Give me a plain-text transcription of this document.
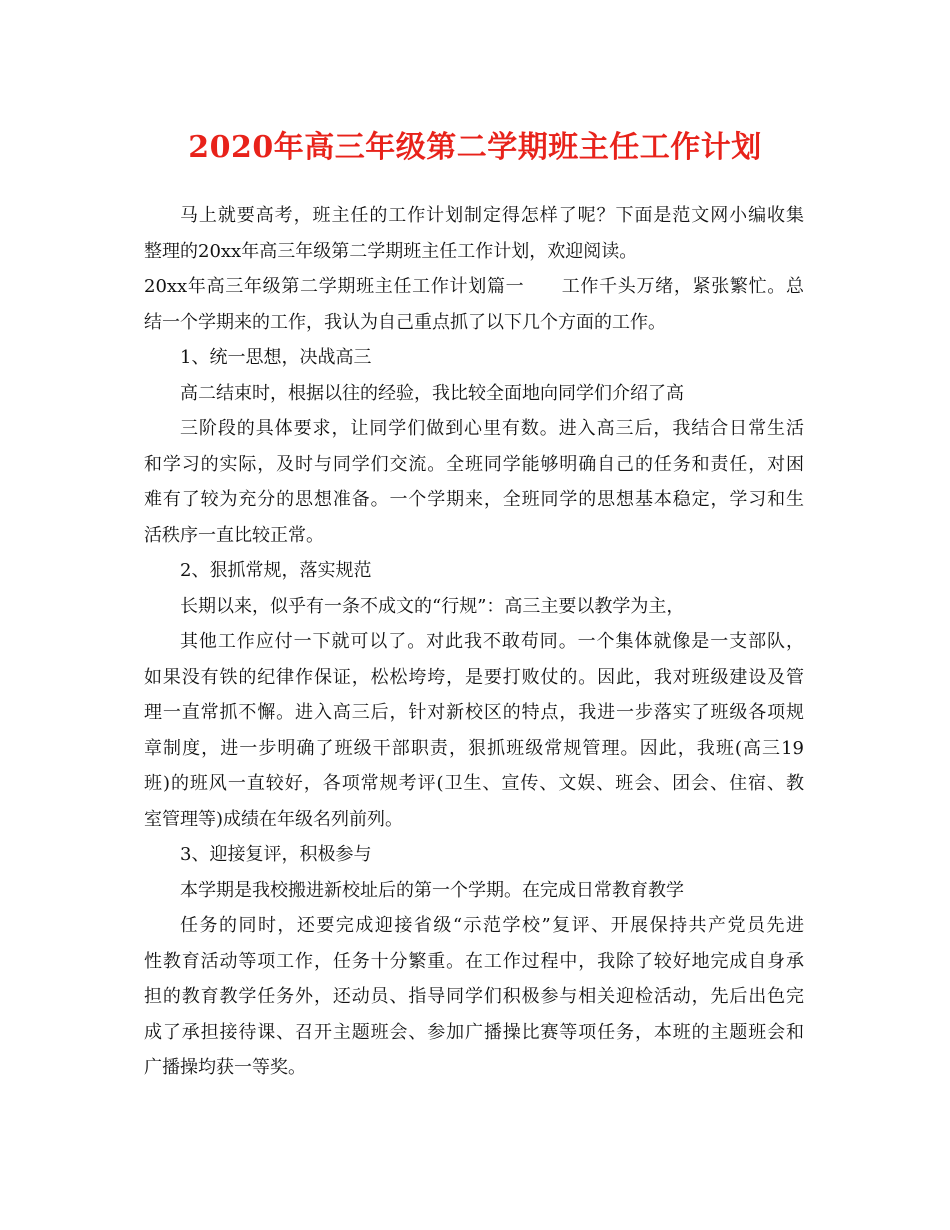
2020年高三年级第二学期班主任工作计划
马上就要高考，班主任的工作计划制定得怎样了呢？下面是范文网小编收集
整理的20xx年高三年级第二学期班主任工作计划，欢迎阅读。
20xx年高三年级第二学期班主任工作计划篇一　　工作千头万绪，紧张繁忙。总
结一个学期来的工作，我认为自己重点抓了以下几个方面的工作。
1、统一思想，决战高三
高二结束时，根据以往的经验，我比较全面地向同学们介绍了高
三阶段的具体要求，让同学们做到心里有数。进入高三后，我结合日常生活
和学习的实际，及时与同学们交流。全班同学能够明确自己的任务和责任，对困
难有了较为充分的思想准备。一个学期来，全班同学的思想基本稳定，学习和生
活秩序一直比较正常。
2、狠抓常规，落实规范
长期以来，似乎有一条不成文的“行规”：高三主要以教学为主，
其他工作应付一下就可以了。对此我不敢苟同。一个集体就像是一支部队，
如果没有铁的纪律作保证，松松垮垮，是要打败仗的。因此，我对班级建设及管
理一直常抓不懈。进入高三后，针对新校区的特点，我进一步落实了班级各项规
章制度，进一步明确了班级干部职责，狠抓班级常规管理。因此，我班(高三19
班)的班风一直较好，各项常规考评(卫生、宣传、文娱、班会、团会、住宿、教
室管理等)成绩在年级名列前列。
3、迎接复评，积极参与
本学期是我校搬进新校址后的第一个学期。在完成日常教育教学
任务的同时，还要完成迎接省级“示范学校”复评、开展保持共产党员先进
性教育活动等项工作，任务十分繁重。在工作过程中，我除了较好地完成自身承
担的教育教学任务外，还动员、指导同学们积极参与相关迎检活动，先后出色完
成了承担接待课、召开主题班会、参加广播操比赛等项任务，本班的主题班会和
广播操均获一等奖。
